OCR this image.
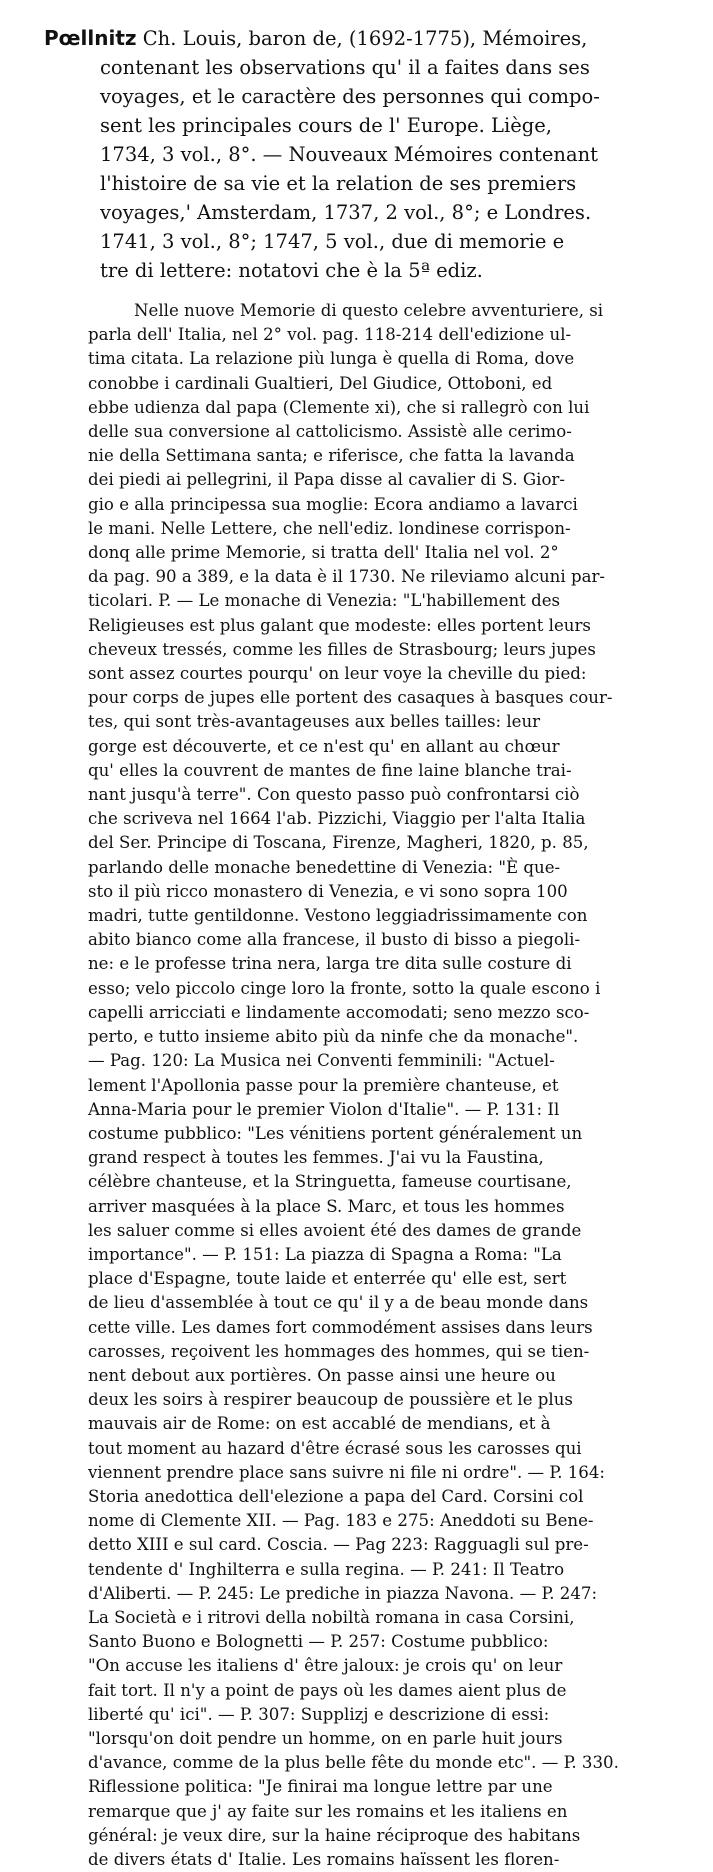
Pœllnitz Ch. Louis, baron de, (1692-1775), Mémoires,
contenant les observations qu' il a faites dans ses
voyages, et le caractère des personnes qui compo-
sent les principales cours de l' Europe. Liège,
1734, 3 vol., 8°. — Nouveaux Mémoires contenant
l'histoire de sa vie et la relation de ses premiers
voyages,' Amsterdam, 1737, 2 vol., 8°; e Londres.
1741, 3 vol., 8°; 1747, 5 vol., due di memorie e
tre di lettere: notatovi che è la 5ª ediz.
Nelle nuove Memorie di questo celebre avventuriere, si
parla dell' Italia, nel 2° vol. pag. 118-214 dell'edizione ul-
tima citata. La relazione più lunga è quella di Roma, dove
conobbe i cardinali Gualtieri, Del Giudice, Ottoboni, ed
ebbe udienza dal papa (Clemente xi), che si rallegrò con lui
delle sua conversione al cattolicismo. Assistè alle cerimo-
nie della Settimana santa; e riferisce, che fatta la lavanda
dei piedi ai pellegrini, il Papa disse al cavalier di S. Gior-
gio e alla principessa sua moglie: Ecora andiamo a lavarci
le mani. Nelle Lettere, che nell'ediz. londinese corrispon-
donq alle prime Memorie, si tratta dell' Italia nel vol. 2°
da pag. 90 a 389, e la data è il 1730. Ne rileviamo alcuni par-
ticolari. P. — Le monache di Venezia: "L'habillement des
Religieuses est plus galant que modeste: elles portent leurs
cheveux tressés, comme les filles de Strasbourg; leurs jupes
sont assez courtes pourqu' on leur voye la cheville du pied:
pour corps de jupes elle portent des casaques à basques cour-
tes, qui sont très-avantageuses aux belles tailles: leur
gorge est découverte, et ce n'est qu' en allant au chœur
qu' elles la couvrent de mantes de fine laine blanche trai-
nant jusqu'à terre". Con questo passo può confrontarsi ciò
che scriveva nel 1664 l'ab. Pizzichi, Viaggio per l'alta Italia
del Ser. Principe di Toscana, Firenze, Magheri, 1820, p. 85,
parlando delle monache benedettine di Venezia: "È que-
sto il più ricco monastero di Venezia, e vi sono sopra 100
madri, tutte gentildonne. Vestono leggiadrissimamente con
abito bianco come alla francese, il busto di bisso a piegoli-
ne: e le professe trina nera, larga tre dita sulle costure di
esso; velo piccolo cinge loro la fronte, sotto la quale escono i
capelli arricciati e lindamente accomodati; seno mezzo sco-
perto, e tutto insieme abito più da ninfe che da monache".
— Pag. 120: La Musica nei Conventi femminili: "Actuel-
lement l'Apollonia passe pour la première chanteuse, et
Anna-Maria pour le premier Violon d'Italie". — P. 131: Il
costume pubblico: "Les vénitiens portent généralement un
grand respect à toutes les femmes. J'ai vu la Faustina,
célèbre chanteuse, et la Stringuetta, fameuse courtisane,
arriver masquées à la place S. Marc, et tous les hommes
les saluer comme si elles avoient été des dames de grande
importance". — P. 151: La piazza di Spagna a Roma: "La
place d'Espagne, toute laide et enterrée qu' elle est, sert
de lieu d'assemblée à tout ce qu' il y a de beau monde dans
cette ville. Les dames fort commodément assises dans leurs
carosses, reçoivent les hommages des hommes, qui se tien-
nent debout aux portières. On passe ainsi une heure ou
deux les soirs à respirer beaucoup de poussière et le plus
mauvais air de Rome: on est accablé de mendians, et à
tout moment au hazard d'être écrasé sous les carosses qui
viennent prendre place sans suivre ni file ni ordre". — P. 164:
Storia anedottica dell'elezione a papa del Card. Corsini col
nome di Clemente XII. — Pag. 183 e 275: Aneddoti su Bene-
detto XIII e sul card. Coscia. — Pag 223: Ragguagli sul pre-
tendente d' Inghilterra e sulla regina. — P. 241: Il Teatro
d'Aliberti. — P. 245: Le prediche in piazza Navona. — P. 247:
La Società e i ritrovi della nobiltà romana in casa Corsini,
Santo Buono e Bolognetti — P. 257: Costume pubblico:
"On accuse les italiens d' être jaloux: je crois qu' on leur
fait tort. Il n'y a point de pays où les dames aient plus de
liberté qu' ici". — P. 307: Supplizj e descrizione di essi:
"lorsqu'on doit pendre un homme, on en parle huit jours
d'avance, comme de la plus belle fête du monde etc". — P. 330.
Riflessione politica: "Je finirai ma longue lettre par une
remarque que j' ay faite sur les romains et les italiens en
général: je veux dire, sur la haine réciproque des habitans
de divers états d' Italie. Les romains haïssent les floren-
